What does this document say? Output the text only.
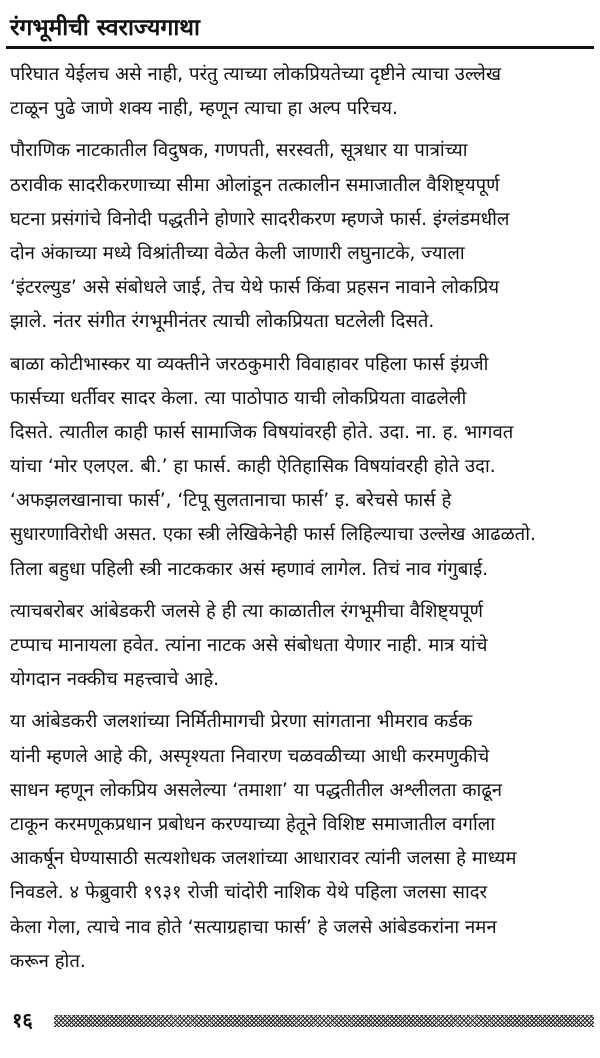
रंगभूमीची स्वराज्यगाथा
परिघात येईलच असे नाही, परंतु त्याच्या लोकप्रियतेच्या दृष्टीने त्याचा उल्लेख
टाळून पुढे जाणे शक्य नाही, म्हणून त्याचा हा अल्प परिचय.
पौराणिक नाटकातील विदुषक, गणपती, सरस्वती, सूत्रधार या पात्रांच्या
ठरावीक सादरीकरणाच्या सीमा ओलांडून तत्कालीन समाजातील वैशिष्ट्यपूर्ण
घटना प्रसंगांचे विनोदी पद्धतीने होणारे सादरीकरण म्हणजे फार्स. इंग्लंडमधील
दोन अंकाच्या मध्ये विश्रांतीच्या वेळेत केली जाणारी लघुनाटके, ज्याला
‘इंटरल्युड’ असे संबोधले जाई, तेच येथे फार्स किंवा प्रहसन नावाने लोकप्रिय
झाले. नंतर संगीत रंगभूमीनंतर त्याची लोकप्रियता घटलेली दिसते.
बाळा कोटीभास्कर या व्यक्तीने जरठकुमारी विवाहावर पहिला फार्स इंग्रजी
फार्सच्या धर्तीवर सादर केला. त्या पाठोपाठ याची लोकप्रियता वाढलेली
दिसते. त्यातील काही फार्स सामाजिक विषयांवरही होते. उदा. ना. ह. भागवत
यांचा ‘मोर एलएल. बी.’ हा फार्स. काही ऐतिहासिक विषयांवरही होते उदा.
‘अफझलखानाचा फार्स’, ‘टिपू सुलतानाचा फार्स’ इ. बरेचसे फार्स हे
सुधारणाविरोधी असत. एका स्त्री लेखिकेनेही फार्स लिहिल्याचा उल्लेख आढळतो.
तिला बहुधा पहिली स्त्री नाटककार असं म्हणावं लागेल. तिचं नाव गंगुबाई.
त्याचबरोबर आंबेडकरी जलसे हे ही त्या काळातील रंगभूमीचा वैशिष्ट्यपूर्ण
टप्पाच मानायला हवेत. त्यांना नाटक असे संबोधता येणार नाही. मात्र यांचे
योगदान नक्कीच महत्त्वाचे आहे.
या आंबेडकरी जलशांच्या निर्मितीमागची प्रेरणा सांगताना भीमराव कर्डक
यांनी म्हणले आहे की, अस्पृश्यता निवारण चळवळीच्या आधी करमणुकीचे
साधन म्हणून लोकप्रिय असलेल्या ‘तमाशा’ या पद्धतीतील अश्लीलता काढून
टाकून करमणूकप्रधान प्रबोधन करण्याच्या हेतूने विशिष्ट समाजातील वर्गाला
आकर्षून घेण्यासाठी सत्यशोधक जलशांच्या आधारावर त्यांनी जलसा हे माध्यम
निवडले. ४ फेब्रुवारी १९३१ रोजी चांदोरी नाशिक येथे पहिला जलसा सादर
केला गेला, त्याचे नाव होते ‘सत्याग्रहाचा फार्स’ हे जलसे आंबेडकरांना नमन
करून होत.
१६
